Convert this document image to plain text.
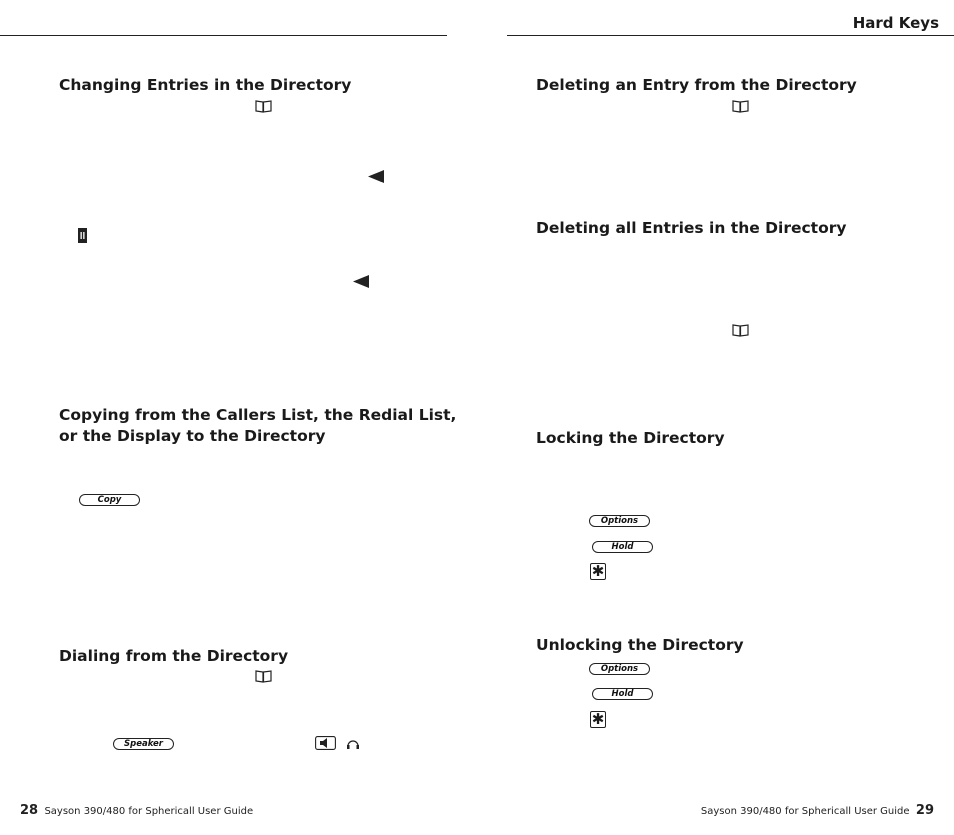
Hard Keys
Changing Entries in the Directory
Copying from the Callers List, the Redial List,
or the Display to the Directory
Copy
Dialing from the Directory
Speaker
28 Sayson 390/480 for Sphericall User Guide
Deleting an Entry from the Directory
Deleting all Entries in the Directory
Locking the Directory
Options
Hold
✱
Unlocking the Directory
Options
Hold
✱
Sayson 390/480 for Sphericall User Guide 29
